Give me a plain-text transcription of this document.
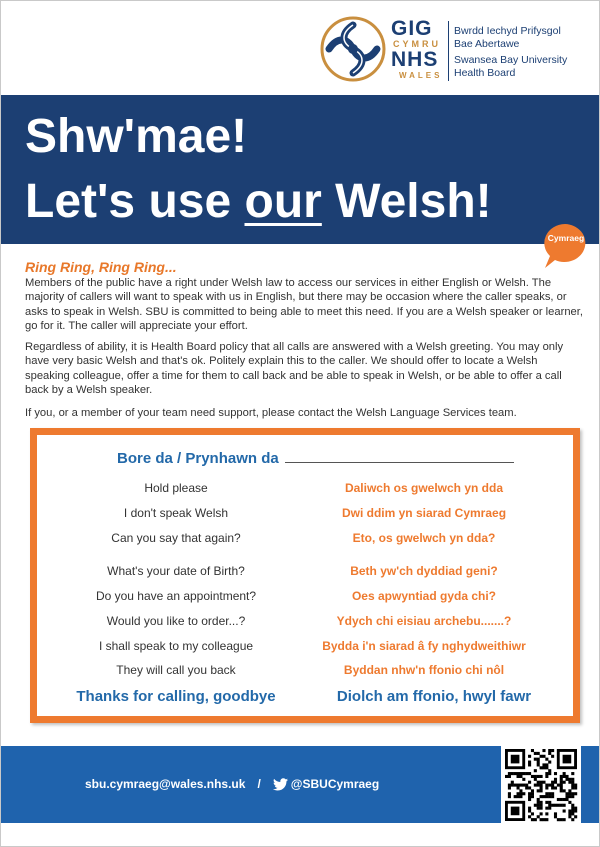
GIG
CYMRU
NHS
WALES
Bwrdd Iechyd Prifysgol
Bae Abertawe
Swansea Bay University
Health Board
Shw'mae!
Let's use our Welsh!
Cymraeg
Ring Ring, Ring Ring...
Members of the public have a right under Welsh law to access our services in either English or Welsh. The majority of callers will want to speak with us in English, but there may be occasion where the caller speaks, or asks to speak in Welsh. SBU is committed to being able to meet this need. If you are a Welsh speaker or learner, go for it. The caller will appreciate your effort.
Regardless of ability, it is Health Board policy that all calls are answered with a Welsh greeting. You may only have very basic Welsh and that's ok. Politely explain this to the caller. We should offer to locate a Welsh speaking colleague, offer a time for them to call back and be able to speak in Welsh, or be able to offer a call back by a Welsh speaker.
If you, or a member of your team need support, please contact the Welsh Language Services team.
Bore da / Prynhawn da
Hold please	Daliwch os gwelwch yn dda
I don't speak Welsh	Dwi ddim yn siarad Cymraeg
Can you say that again?	Eto, os gwelwch yn dda?
What's your date of Birth?	Beth yw'ch dyddiad geni?
Do you have an appointment?	Oes apwyntiad gyda chi?
Would you like to order...?	Ydych chi eisiau archebu.......?
I shall speak to my colleague	Bydda i'n siarad â fy nghydweithiwr
They will call you back	Byddan nhw'n ffonio chi nôl
Thanks for calling, goodbye	Diolch am ffonio, hwyl fawr
sbu.cymraeg@wales.nhs.uk /	@SBUCymraeg
